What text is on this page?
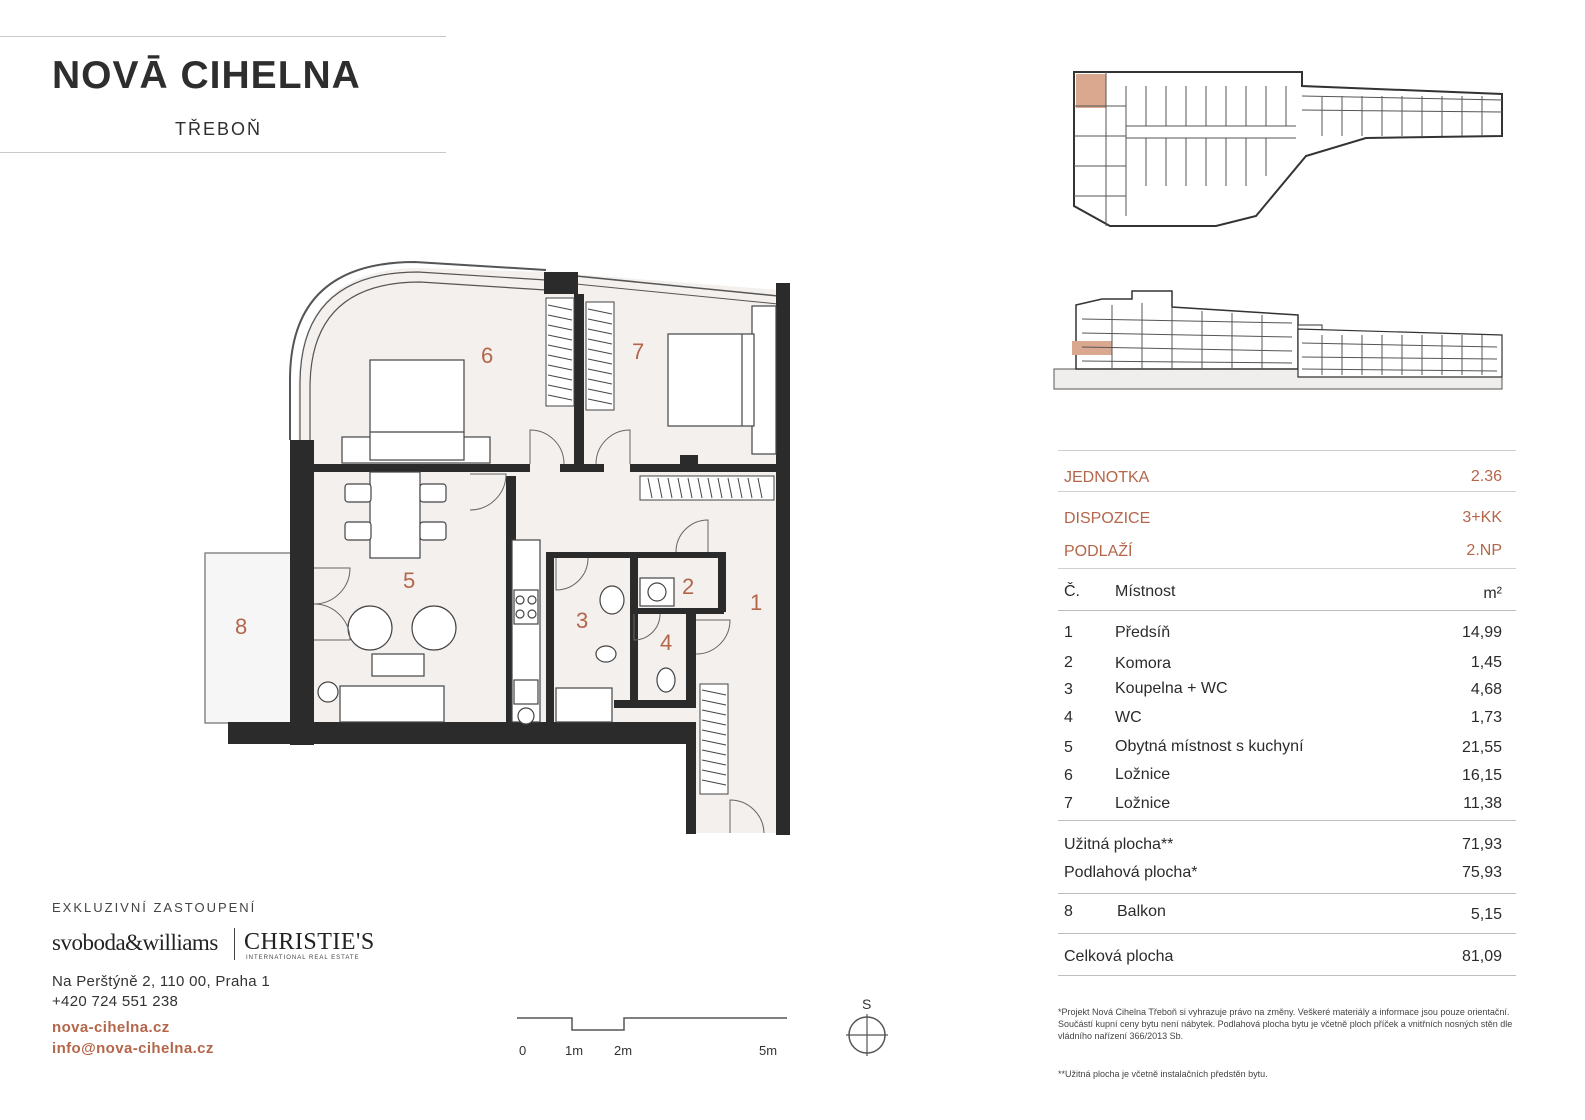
NOVĀ CIHELNA
TŘEBOŇ
1
2
3
4
5
6	7
8
JEDNOTKA	2.36
DISPOZICE	3+KK
PODLAŽÍ	2.NP
Č. Místnost	m²
1	Předsíň	14,99
2	Komora	1,45
3	Koupelna + WC	4,68
4	WC	1,73
5	Obytná místnost s kuchyní	21,55
6	Ložnice	16,15
7	Ložnice	11,38
Užitná plocha**	71,93
Podlahová plocha*	75,93
8	Balkon	5,15
Celková plocha	81,09
EXKLUZIVNÍ ZASTOUPENÍ
svoboda&williams CHRISTIE'S
INTERNATIONAL REAL ESTATE
Na Perštýně 2, 110 00, Praha 1
+420 724 551 238
nova-cihelna.cz
info@nova-cihelna.cz	0	1m 2m	5m
S	*Projekt Nová Cihelna Třeboň si vyhrazuje právo na změny. Veškeré materiály a informace jsou pouze orientační. Součástí kupní ceny bytu není nábytek. Podlahová plocha bytu je včetně ploch příček a vnitřních nosných stěn dle vládního nařízení 366/2013 Sb.
**Užitná plocha je včetně instalačních předstěn bytu.
